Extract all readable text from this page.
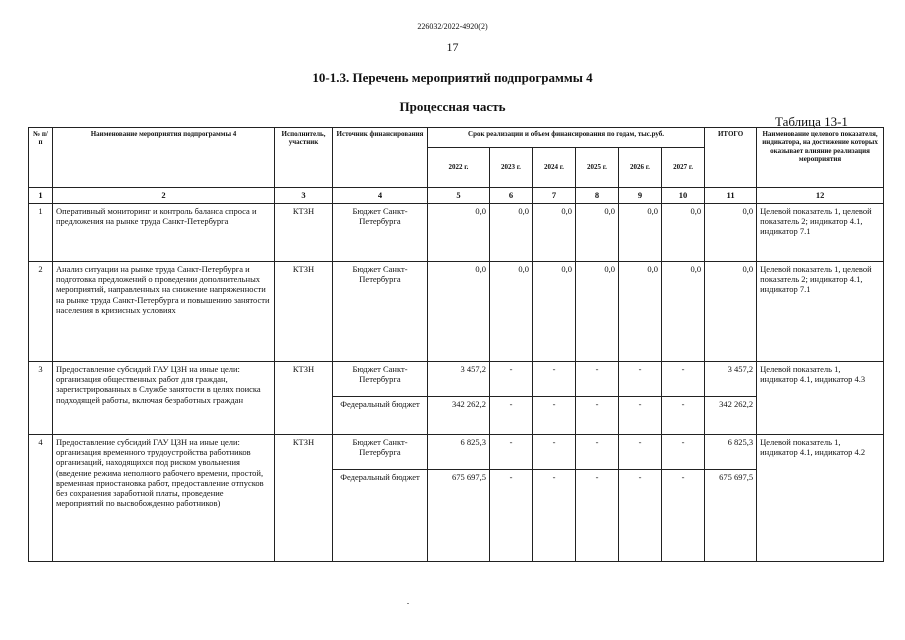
226032/2022-4920(2)
17
10-1.3. Перечень мероприятий подпрограммы 4
Процессная часть
Таблица 13-1
№ п/п	Наименование мероприятия подпрограммы 4	Исполнитель, участник	Источник финансирования	Срок реализации и объем финансирования по годам, тыс.руб.						ИТОГО	Наименование целевого показателя, индикатора, на достижение которых оказывает влияние реализация мероприятия
				2022 г.	2023 г.	2024 г.	2025 г.	2026 г.	2027 г.		
1	2	3	4	5	6	7	8	9	10	11	12
1	Оперативный мониторинг и контроль баланса спроса и предложения на рынке труда Санкт-Петербурга	КТЗН	Бюджет Санкт-Петербурга	0,0	0,0	0,0	0,0	0,0	0,0	0,0	Целевой показатель 1, целевой показатель 2; индикатор 4.1, индикатор 7.1
2	Анализ ситуации на рынке труда Санкт-Петербурга и подготовка предложений о проведении дополнительных мероприятий, направленных на снижение напряженности на рынке труда Санкт-Петербурга и повышению занятости населения в кризисных условиях	КТЗН	Бюджет Санкт-Петербурга	0,0	0,0	0,0	0,0	0,0	0,0	0,0	Целевой показатель 1, целевой показатель 2; индикатор 4.1, индикатор 7.1
3	Предоставление субсидий ГАУ ЦЗН на иные цели: организация общественных работ для граждан, зарегистрированных в Службе занятости в целях поиска подходящей работы, включая безработных граждан	КТЗН	Бюджет Санкт-Петербурга	3 457,2	-	-	-	-	-	3 457,2	Целевой показатель 1, индикатор 4.1, индикатор 4.3
			Федеральный бюджет	342 262,2	-	-	-	-	-	342 262,2	
4	Предоставление субсидий ГАУ ЦЗН на иные цели: организация временного трудоустройства работников организаций, находящихся под риском увольнения (введение режима неполного рабочего времени, простой, временная приостановка работ, предоставление отпусков без сохранения заработной платы, проведение мероприятий по высвобожденно работников)	КТЗН	Бюджет Санкт-Петербурга	6 825,3	-	-	-	-	-	6 825,3	Целевой показатель 1, индикатор 4.1, индикатор 4.2
			Федеральный бюджет	675 697,5	-	-	-	-	-	675 697,5	
